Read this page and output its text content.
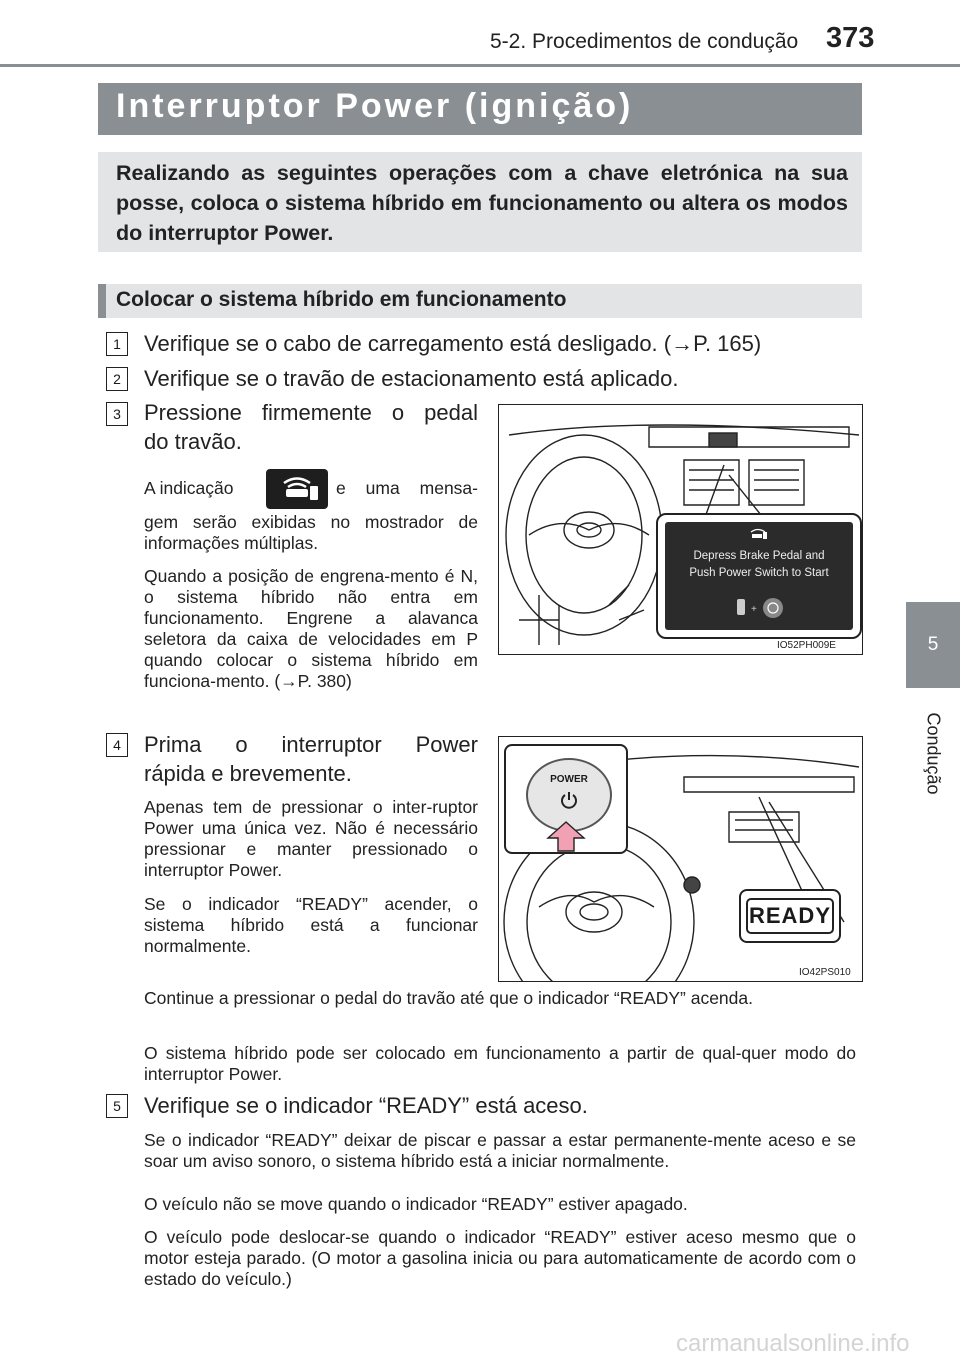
5-2. Procedimentos de condução 373
5
Condução
Interruptor Power (ignição)
Realizando as seguintes operações com a chave eletrónica na sua posse, coloca o sistema híbrido em funcionamento ou altera os modos do interruptor Power.
Colocar o sistema híbrido em funcionamento
1	Verifique se o cabo de carregamento está desligado. (→P. 165)
2	Verifique se o travão de estacionamento está aplicado.
3	Pressione firmemente o pedal
do travão.
A indicação	e uma mensa-
gem serão exibidas no mostrador de informações múltiplas.
Quando a posição de engrena-mento é N, o sistema híbrido não entra em funcionamento. Engrene a alavanca seletora da caixa de velocidades em P quando colocar o sistema híbrido em funciona-mento. (→P. 380)
Depress Brake Pedal and
Push Power Switch to Start
+
IO52PH009E
4	Prima o interruptor Power
rápida e brevemente.
Apenas tem de pressionar o inter-ruptor Power uma única vez. Não é necessário pressionar e manter pressionado o interruptor Power.
Se o indicador “READY” acender, o sistema híbrido está a funcionar normalmente.
Continue a pressionar o pedal do travão até que o indicador “READY” acenda.
O sistema híbrido pode ser colocado em funcionamento a partir de qual-quer modo do interruptor Power.
POWER
READY
IO42PS010
5	Verifique se o indicador “READY” está aceso.
Se o indicador “READY” deixar de piscar e passar a estar permanente-mente aceso e se soar um aviso sonoro, o sistema híbrido está a iniciar normalmente.
O veículo não se move quando o indicador “READY” estiver apagado.
O veículo pode deslocar-se quando o indicador “READY” estiver aceso mesmo que o motor esteja parado. (O motor a gasolina inicia ou para automaticamente de acordo com o estado do veículo.)
carmanualsonline.info
